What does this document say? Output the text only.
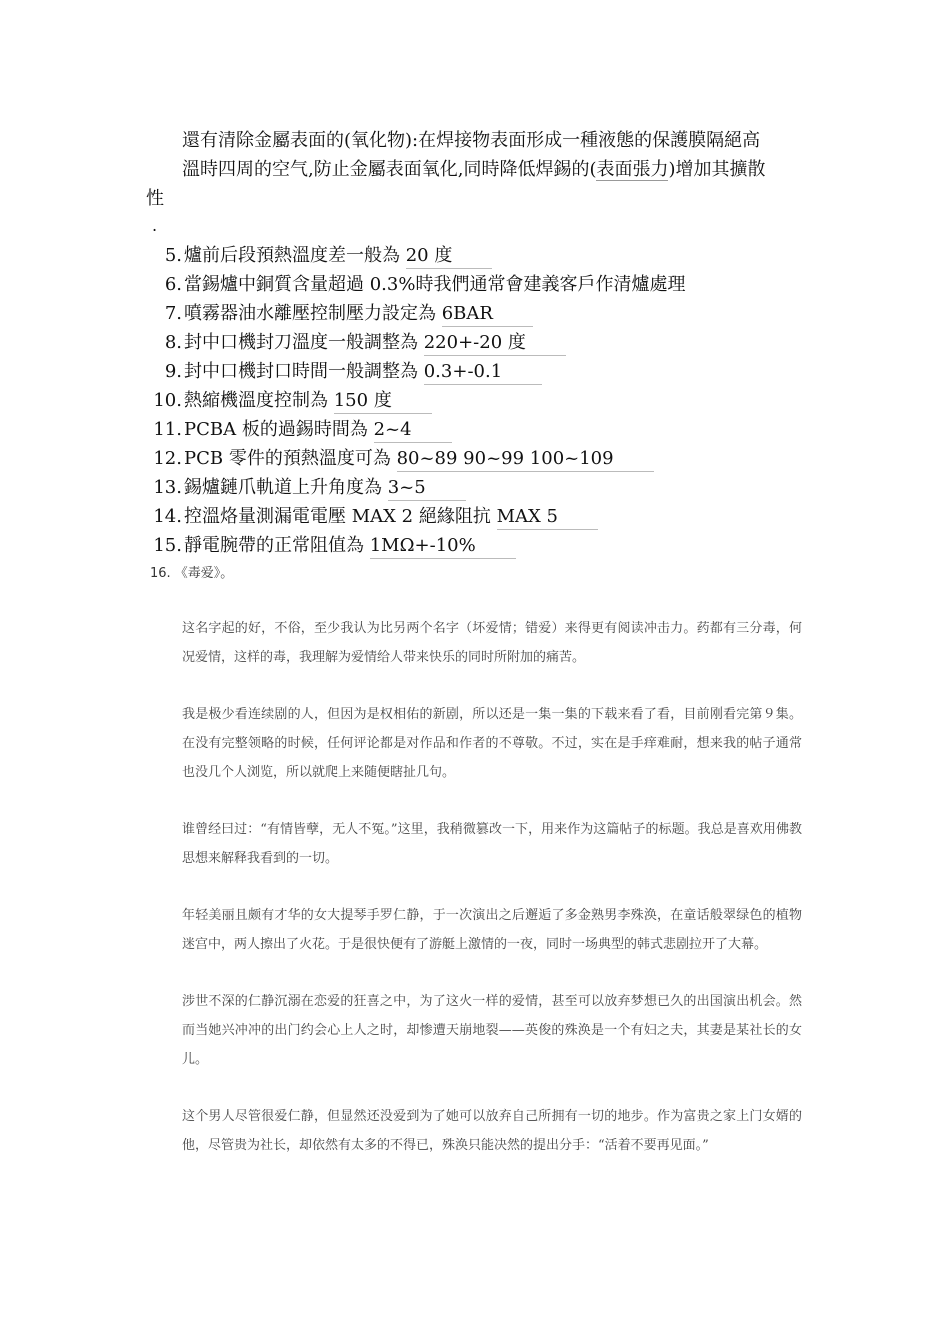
還有清除金屬表面的(氧化物):在焊接物表面形成一種液態的保護膜隔絕高
溫時四周的空气,防止金屬表面氧化,同時降低焊錫的(表面張力)增加其擴散
性
.
5. 爐前后段預熱溫度差一般為 20 度
6. 當錫爐中銅質含量超過 0.3%時我們通常會建義客戶作清爐處理
7. 噴霧器油水離壓控制壓力設定為 6BAR
8. 封中口機封刀溫度一般調整為 220+-20 度
9. 封中口機封口時間一般調整為 0.3+-0.1
10. 熱縮機溫度控制為 150 度
11. PCBA 板的過錫時間為 2~4
12. PCB 零件的預熱溫度可為 80~89 90~99 100~109
13. 錫爐鏈爪軌道上升角度為 3~5
14. 控溫烙量測漏電電壓 MAX 2 絕緣阻抗 MAX 5
15. 靜電腕帶的正常阻值為 1MΩ+-10%
16. 《毒爱》。

这名字起的好，不俗，至少我认为比另两个名字（坏爱情；错爱）来得更有阅读冲击力。药都有三分毒，何况爱情，这样的毒，我理解为爱情给人带来快乐的同时所附加的痛苦。

我是极少看连续剧的人，但因为是权相佑的新剧，所以还是一集一集的下载来看了看，目前刚看完第９集。在没有完整领略的时候，任何评论都是对作品和作者的不尊敬。不过，实在是手痒难耐，想来我的帖子通常也没几个人浏览，所以就爬上来随便瞎扯几句。

谁曾经曰过：“有情皆孽，无人不冤。”这里，我稍微篡改一下，用来作为这篇帖子的标题。我总是喜欢用佛教思想来解释我看到的一切。

年轻美丽且颇有才华的女大提琴手罗仁静，于一次演出之后邂逅了多金熟男李殊涣，在童话般翠绿色的植物迷宫中，两人擦出了火花。于是很快便有了游艇上激情的一夜，同时一场典型的韩式悲剧拉开了大幕。

涉世不深的仁静沉溺在恋爱的狂喜之中，为了这火一样的爱情，甚至可以放弃梦想已久的出国演出机会。然而当她兴冲冲的出门约会心上人之时，却惨遭天崩地裂——英俊的殊涣是一个有妇之夫，其妻是某社长的女儿。

这个男人尽管很爱仁静，但显然还没爱到为了她可以放弃自己所拥有一切的地步。作为富贵之家上门女婿的他，尽管贵为社长，却依然有太多的不得已，殊涣只能决然的提出分手：“活着不要再见面。”
